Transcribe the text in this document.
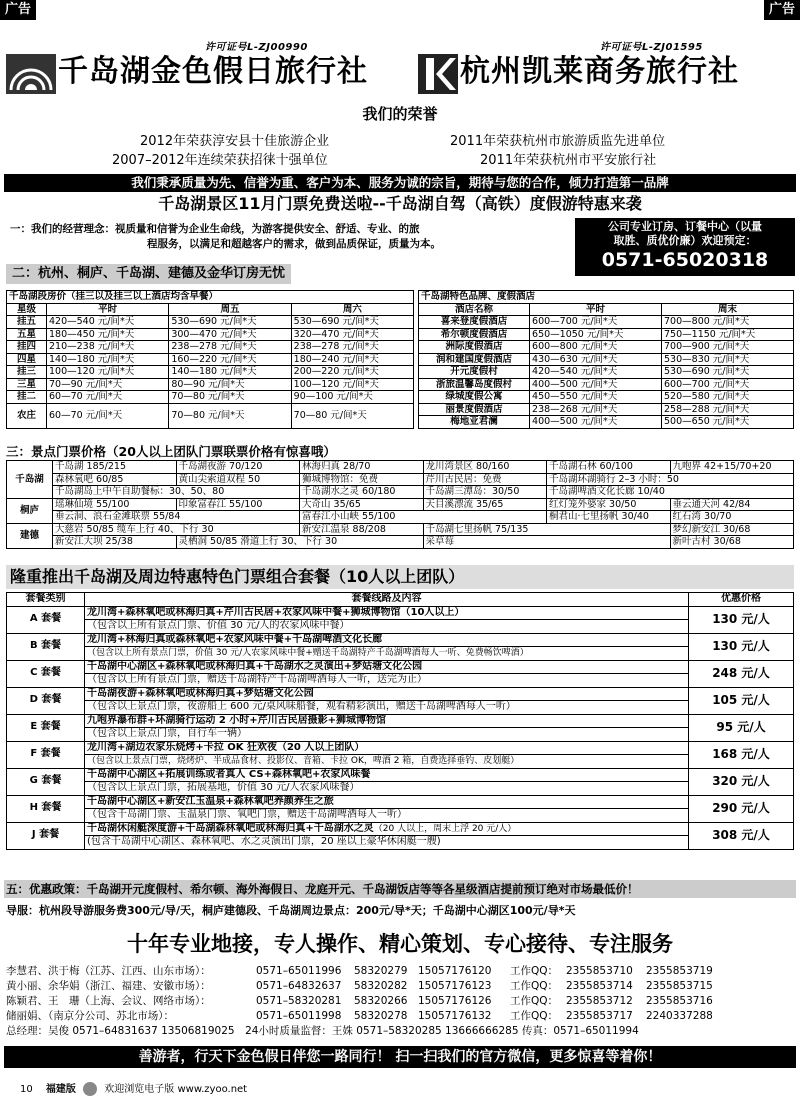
广告	广告
许可证号L-ZJ00990	许可证号L-ZJ01595
千岛湖金色假日旅行社	杭州凯莱商务旅行社
我们的荣誉
2012年荣获淳安县十佳旅游企业	2011年荣获杭州市旅游质监先进单位
2007–2012年连续荣获招徕十强单位	2011年荣获杭州市平安旅行社
我们秉承质量为先、信誉为重、客户为本、服务为诚的宗旨，期待与您的合作，倾力打造第一品牌
千岛湖景区11月门票免费送啦--千岛湖自驾（高铁）度假游特惠来袭
一：我们的经营理念：视质量和信誉为企业生命线，为游客提供安全、舒适、专业、的旅
程服务，以满足和超越客户的需求，做到品质保证，质量为本。
公司专业订房、订餐中心（以量
取胜、质优价廉）欢迎预定：
0571-65020318
二：杭州、桐庐、千岛湖、建德及金华订房无忧
千岛湖段房价（挂三以及挂三以上酒店均含早餐）			
星级	平时	周五	周六
挂五	420—540 元/间*天	530—690 元/间*天	530—690 元/间*天
五星	180—450 元/间*天	300—470 元/间*天	320—470 元/间*天
挂四	210—238 元/间*天	238—278 元/间*天	238—278 元/间*天
四星	140—180 元/间*天	160—220 元/间*天	180—240 元/间*天
挂三	100—120 元/间*天	140—180 元/间*天	200—220 元/间*天
三星	70—90 元/间*天	80—90 元/间*天	100—120 元/间*天
挂二	60—70 元/间*天	70—80 元/间*天	90—100 元/间*天
农庄	60—70 元/间*天	70—80 元/间*天	70—80 元/间*天
千岛湖特色品牌、度假酒店		
酒店名称	平时	周末
喜来登度假酒店	600—700 元/间*天	700—800 元/间*天
希尔顿度假酒店	650—1050 元/间*天	750—1150 元/间*天
洲际度假酒店	600—800 元/间*天	700—900 元/间*天
润和建国度假酒店	430—630 元/间*天	530—830 元/间*天
开元度假村	420—540 元/间*天	530—690 元/间*天
浙旅温馨岛度假村	400—500 元/间*天	600—700 元/间*天
绿城度假公寓	450—550 元/间*天	520—580 元/间*天
丽景度假酒店	238—268 元/间*天	258—288 元/间*天
梅地亚君澜	400—500 元/间*天	500—650 元/间*天
三：景点门票价格（20人以上团队门票联票价格有惊喜哦）
千岛湖	千岛湖 185/215	千岛湖夜游 70/120	林海归真 28/70	龙川湾景区 80/160	千岛湖石林 60/100	九咆界 42+15/70+20
	森林氧吧 60/85	黄山尖索道双程 50	狮城博物馆：免费	芹川古民居：免费	千岛湖环湖骑行 2–3 小时：50	
	千岛湖岛上中午自助餐标：30、50、80		千岛湖水之灵 60/180	千岛湖三潭岛：30/50	千岛湖啤酒文化长廊 10/40	
桐庐	瑶琳仙境 55/100	印象富春江 55/100	大奇山 35/65	天目溪漂流 35/65	红灯笼外婆家 30/50	垂云通天河 42/84
	垂云洞、浪石金滩联票 55/84		富春江小山峡 55/100		桐君山·七里扬帆 30/40	红石湾 30/70
建德	大慈岩 50/85 缆车上行 40、下行 30		新安江温泉 88/208	千岛湖七里扬帆 75/135		梦幻新安江 30/68
	新安江大坝 25/38	灵栖洞 50/85 滑道上行 30、下行 30		采草莓		新叶古村 30/68
隆重推出千岛湖及周边特惠特色门票组合套餐（10人以上团队）
套餐类别	套餐线路及内容	优惠价格
A 套餐	龙川湾+森林氧吧或林海归真+芹川古民居+农家风味中餐+狮城博物馆（10人以上）	130 元/人
	（包含以上所有景点门票、价值 30 元/人的农家风味中餐）	
B 套餐	龙川湾+林海归真或森林氧吧+农家风味中餐+千岛湖啤酒文化长廊	130 元/人
	（包含以上所有景点门票，价值 30 元/人农家风味中餐+赠送千岛湖特产千岛湖啤酒每人一听、免费畅饮啤酒）	
C 套餐	千岛湖中心湖区+森林氧吧或林海归真+千岛湖水之灵演出+梦姑塘文化公园	248 元/人
	（包含以上所有景点门票，赠送千岛湖特产千岛湖啤酒每人一听，送完为止）	
D 套餐	千岛湖夜游+森林氧吧或林海归真+梦姑塘文化公园	105 元/人
	（包含以上景点门票，夜游船上 600 元/桌风味船餐，观看精彩演出，赠送千岛湖啤酒每人一听）	
E 套餐	九咆界瀑布群+环湖骑行运动 2 小时+芹川古民居摄影+狮城博物馆	95 元/人
	（包含以上景点门票，自行车一辆）	
F 套餐	龙川湾+湖边农家乐烧烤+卡拉 OK 狂欢夜（20 人以上团队）	168 元/人
	（包含以上景点门票，烧烤炉、半成品食材、投影仪、音箱、卡拉 OK，啤酒 2 箱，自费选择垂钓、皮划艇）	
G 套餐	千岛湖中心湖区+拓展训练或者真人 CS+森林氧吧+农家风味餐	320 元/人
	（包含以上景点门票，拓展基地，价值 30 元/人农家风味餐）	
H 套餐	千岛湖中心湖区+新安江玉温泉+森林氧吧养颜养生之旅	290 元/人
	（包含千岛湖门票、玉温泉门票、氧吧门票，赠送千岛湖啤酒每人一听）	
J 套餐	千岛湖休闲艇深度游+千岛湖森林氧吧或林海归真+千岛湖水之灵（20 人以上，周末上浮 20 元/人）	308 元/人
	(包含千岛湖中心湖区、森林氧吧、水之灵演出门票，20 座以上豪华休闲艇一艘)	
五：优惠政策：千岛湖开元度假村、希尔顿、海外海假日、龙庭开元、千岛湖饭店等等各星级酒店提前预订绝对市场最低价！
导服：杭州段导游服务费300元/导/天，桐庐建德段、千岛湖周边景点：200元/导*天；千岛湖中心湖区100元/导*天
十年专业地接，专人操作、精心策划、专心接待、专注服务
李慧君、洪于梅（江苏、江西、山东市场）：	0571–65011996 58320279 15057176120 工作QQ： 2355853710 2355853719
黄小丽、余华娟（浙江、福建、安徽市场）：	0571–64832637 58320282 15057176123 工作QQ： 2355853714 2355853715
陈颖君、王　珊（上海、会议、网络市场）：	0571–58320281 58320266 15057176126 工作QQ： 2355853712 2355853716
储丽娟、（南京分公司、苏北市场）：	0571–65011998 58320278 15057176132 工作QQ： 2355853717 2240337288
总经理：吴俊 0571–64831637 13506819025　24小时质量监督：王姝 0571–58320285 13666666285 传真：0571–65011994
善游者，行天下金色假日伴您一路同行！ 扫一扫我们的官方微信，更多惊喜等着你！
10 福建版	欢迎浏览电子版 www.zyoo.net
